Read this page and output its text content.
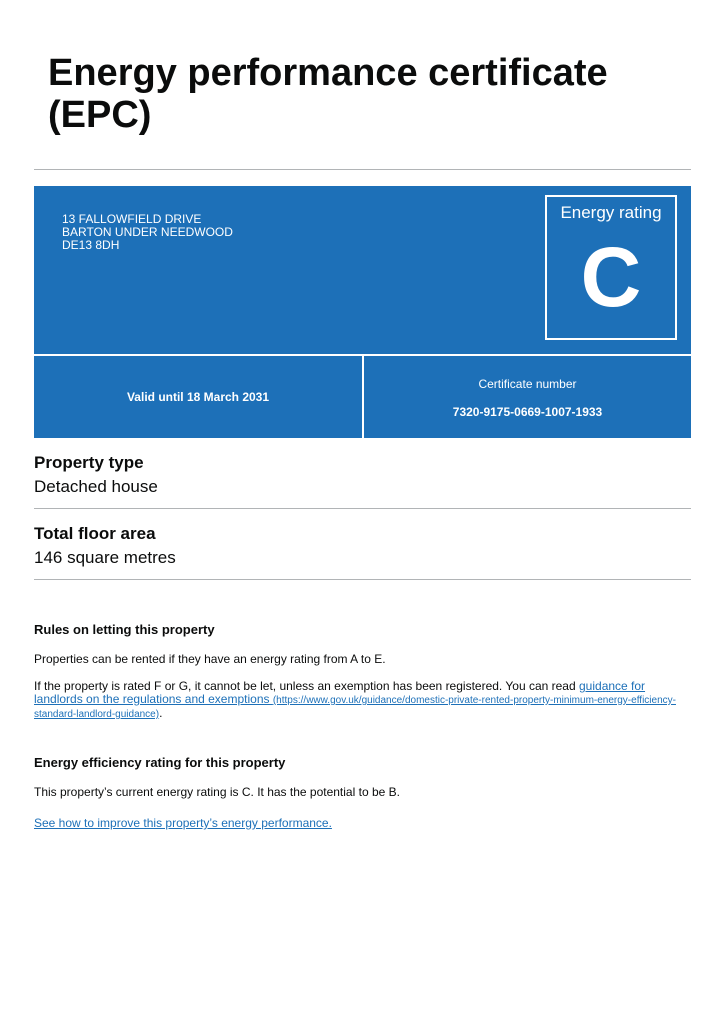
Energy performance certificate (EPC)
13 FALLOWFIELD DRIVE
BARTON UNDER NEEDWOOD
DE13 8DH
Energy rating
C
Valid until 18 March 2031
Certificate number
7320-9175-0669-1007-1933
Property type
Detached house
Total floor area
146 square metres
Rules on letting this property

Properties can be rented if they have an energy rating from A to E.

If the property is rated F or G, it cannot be let, unless an exemption has been registered. You can read guidance for landlords on the regulations and exemptions (https://www.gov.uk/guidance/domestic-private-rented-property-minimum-energy-efficiency-standard-landlord-guidance).

Energy efficiency rating for this property

This property’s current energy rating is C. It has the potential to be B.

See how to improve this property’s energy performance.
